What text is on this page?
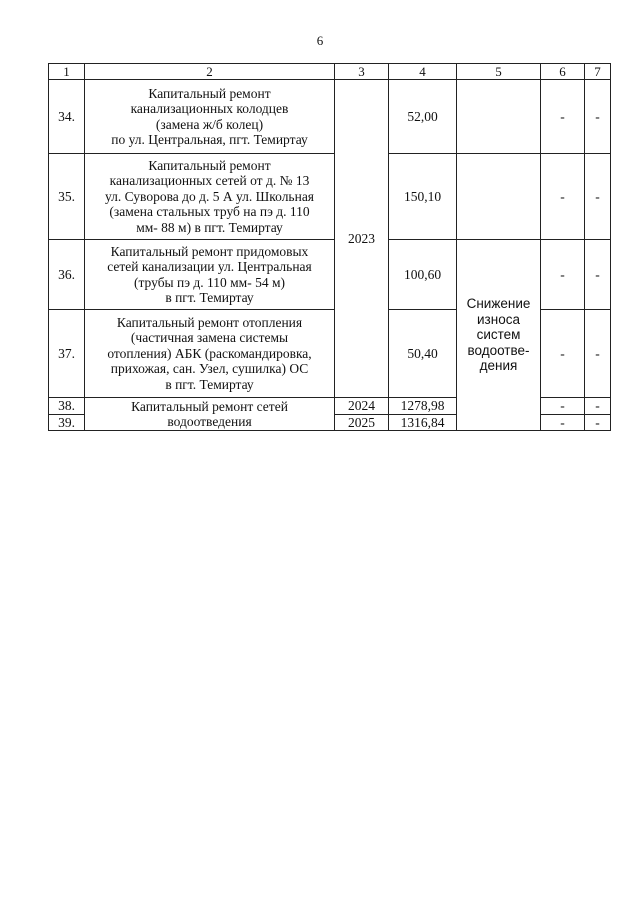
6
1	2	3	4	5	6	7
34.	Капитальный ремонт
канализационных колодцев
(замена ж/б колец)
по ул. Центральная, пгт. Темиртау	2023	52,00		-	-
35.	Капитальный ремонт
канализационных сетей от д. № 13
ул. Суворова до д. 5 А ул. Школьная
(замена стальных труб на пэ д. 110
мм- 88 м) в пгт. Темиртау		150,10		-	-
36.	Капитальный ремонт придомовых
сетей канализации ул. Центральная
(трубы пэ д. 110 мм- 54 м)
в пгт. Темиртау		100,60	Снижение
износа
систем
водоотве-
дения	-	-
37.	Капитальный ремонт отопления
(частичная замена системы
отопления) АБК (раскомандировка,
прихожая, сан. Узел, сушилка) ОС
в пгт. Темиртау		50,40		-	-
38.	Капитальный ремонт сетей
водоотведения	2024	1278,98		-	-
39.		2025	1316,84		-	-
